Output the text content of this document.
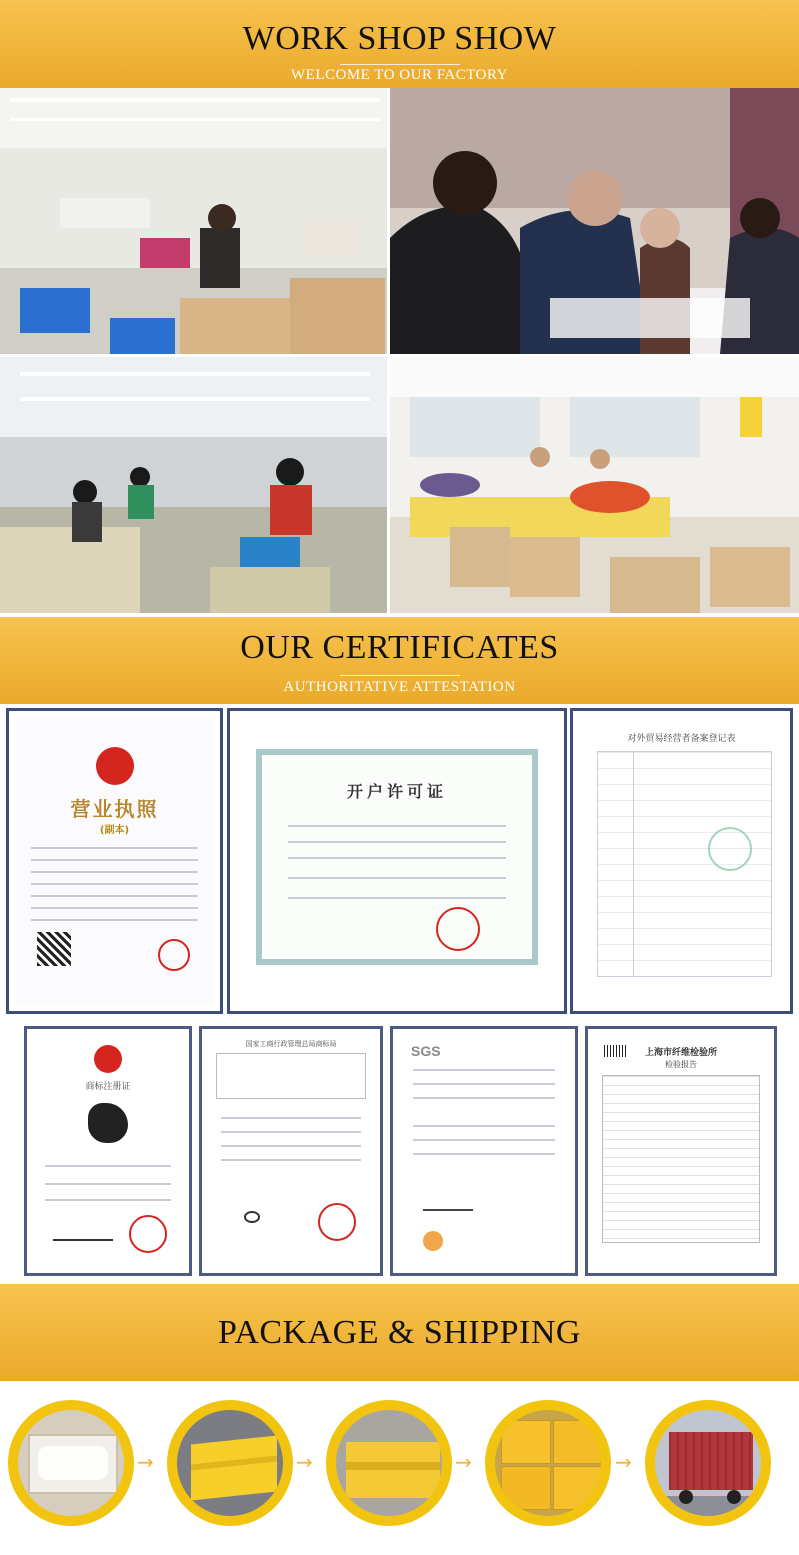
WORK SHOP SHOW
WELCOME TO OUR FACTORY
OUR CERTIFICATES
AUTHORITATIVE ATTESTATION
营业执照
(副本)
开户许可证
对外贸易经营者备案登记表
商标注册证
国家工商行政管理总局商标局	SGS	上海市纤维检验所
检验报告
PACKAGE & SHIPPING
→	→	→	→
